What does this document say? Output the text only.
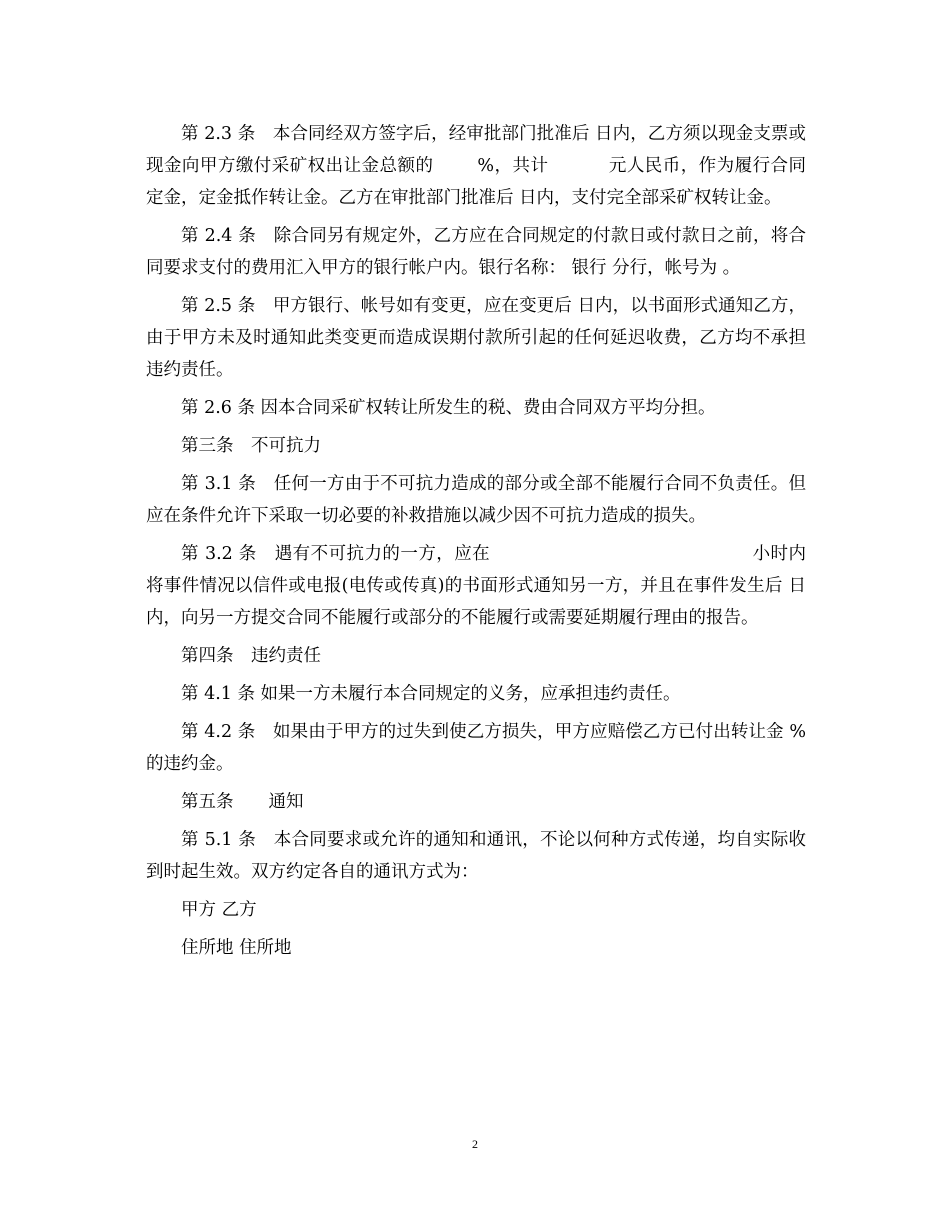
第 2.3 条　本合同经双方签字后，经审批部门批准后 日内，乙方须以现金支票或现金向甲方缴付采矿权出让金总额的	%，共计	元人民币，作为履行合同定金，定金抵作转让金。乙方在审批部门批准后 日内，支付完全部采矿权转让金。

第 2.4 条　除合同另有规定外，乙方应在合同规定的付款日或付款日之前，将合同要求支付的费用汇入甲方的银行帐户内。银行名称： 银行 分行，帐号为 。

第 2.5 条　甲方银行、帐号如有变更，应在变更后 日内，以书面形式通知乙方，由于甲方未及时通知此类变更而造成误期付款所引起的任何延迟收费，乙方均不承担违约责任。

第 2.6 条 因本合同采矿权转让所发生的税、费由合同双方平均分担。

第三条　不可抗力

第 3.1 条　任何一方由于不可抗力造成的部分或全部不能履行合同不负责任。但应在条件允许下采取一切必要的补救措施以减少因不可抗力造成的损失。

第 3.2 条　遇有不可抗力的一方，应在	小时内将事件情况以信件或电报(电传或传真)的书面形式通知另一方，并且在事件发生后 日内，向另一方提交合同不能履行或部分的不能履行或需要延期履行理由的报告。

第四条　违约责任

第 4.1 条 如果一方未履行本合同规定的义务，应承担违约责任。

第 4.2 条　如果由于甲方的过失到使乙方损失，甲方应赔偿乙方已付出转让金 %的违约金。

第五条　　通知

第 5.1 条　本合同要求或允许的通知和通讯，不论以何种方式传递，均自实际收到时起生效。双方约定各自的通讯方式为：

甲方 乙方

住所地 住所地

2
